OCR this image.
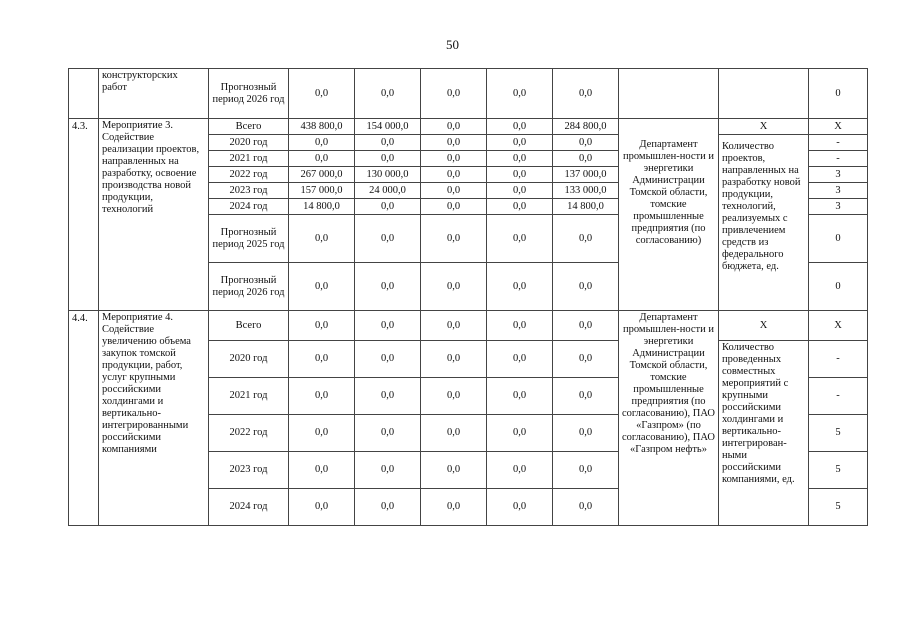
50
	конструкторских работ	Прогнозный период 2026 год	0,0	0,0	0,0	0,0	0,0			0
4.3.	Мероприятие 3. Содействие реализации проектов, направленных на разработку, освоение производства новой продукции, технологий	Всего	438 800,0	154 000,0	0,0	0,0	284 800,0	Департамент промышлен-ности и энергетики Администрации Томской области, томские промышленные предприятия (по согласованию)	Х	Х
		2020 год	0,0	0,0	0,0	0,0	0,0		Количество проектов, направленных на разработку новой продукции, технологий, реализуемых с привлечением средств из федерального бюджета, ед.	-
		2021 год	0,0	0,0	0,0	0,0	0,0			-
		2022 год	267 000,0	130 000,0	0,0	0,0	137 000,0			3
		2023 год	157 000,0	24 000,0	0,0	0,0	133 000,0			3
		2024 год	14 800,0	0,0	0,0	0,0	14 800,0			3
		Прогнозный период 2025 год	0,0	0,0	0,0	0,0	0,0			0
		Прогнозный период 2026 год	0,0	0,0	0,0	0,0	0,0			0
4.4.	Мероприятие 4. Содействие увеличению объема закупок томской продукции, работ, услуг крупными российскими холдингами и вертикально-интегрированными российскими компаниями	Всего	0,0	0,0	0,0	0,0	0,0	Департамент промышлен-ности и энергетики Администрации Томской области, томские промышленные предприятия (по согласованию), ПАО «Газпром» (по согласованию), ПАО «Газпром нефть»	Х	Х
		2020 год	0,0	0,0	0,0	0,0	0,0		Количество проведенных совместных мероприятий с крупными российскими холдингами и вертикально-интегрирован-ными российскими компаниями, ед.	-
		2021 год	0,0	0,0	0,0	0,0	0,0			-
		2022 год	0,0	0,0	0,0	0,0	0,0			5
		2023 год	0,0	0,0	0,0	0,0	0,0			5
		2024 год	0,0	0,0	0,0	0,0	0,0			5
